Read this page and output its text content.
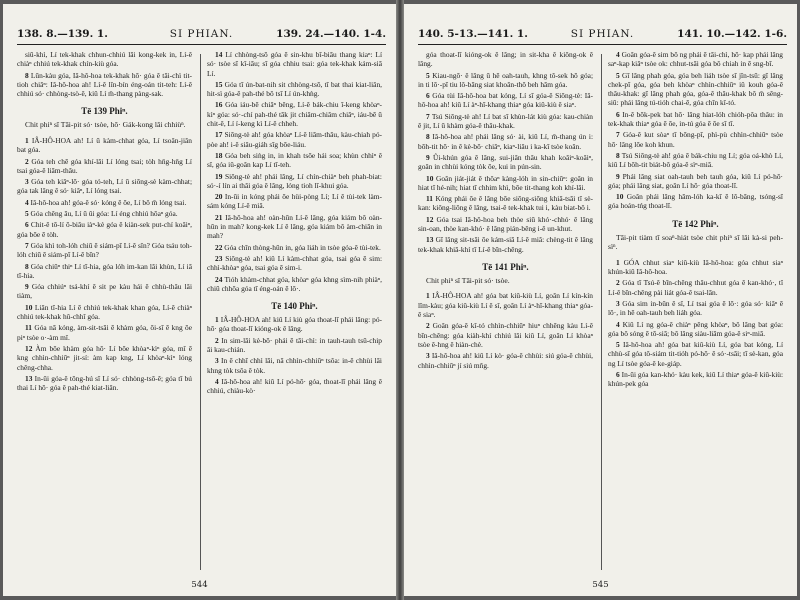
138. 8.—139. 1.	SI PHIAN.	139. 24.—140. 1-4.

siū-khì, Lí tek-khak chhun-chhiú lāi kong-kek in, Lí-ê chiàⁿ chhiú tek-khak chín-kiù góa.

8 Lūn-kàu góa, Iâ-hô-hoa tek-khak hō· góa ê tāi-chì tit-tioh chiâⁿ: Iâ-hô-hoa ah! Lí-ê lîn-bín éng-oán tit-teh: Lí-ê chhiú só· chhòng-tsò-ê, kiû Lí m̄-thang pàng-sak.

Tē 139 Phiⁿ.
Chit phiⁿ sī Tāi-pit só· tsòe, hō· Gák-kong lâi chhiùⁿ.

1 IÂ-HÔ-HOA ah! Lí ū kàm-chhat góa, Lí tsoân-jiân bat góa.

2 Góa teh chē góa khí-lâi Lí lóng tsai; tòh hn̄g-hn̄g Lí tsai góa-ê liām-thâu.

3 Góa teh kiâⁿ-lō· góa tó-teh, Lí ū siōng-sè kàm-chhat; góa tak lâng ê só· kiâⁿ, Lí lóng tsai.

4 Iâ-hô-hoa ah! góa-ê só· kóng ê ōe, Lí bô m̄ lóng tsai.

5 Góa chêng āu, Lí ū ûi góa: Lí éng chhiú hōaⁿ góa.

6 Chit-ê tō-lí ō-biâu iàⁿ-kè góa ê kiàn-sek put-chí koâiⁿ, góa bōe ē tòh.

7 Góa khì toh-lóh chiū ē siám-pī Lí-ê sîn? Góa tsáu toh-lóh chiū ē siám-pī Lí-ê bīn?

8 Góa chiūⁿ thiⁿ Lí tī-hia, góa lóh im-kan lâi khùn, Lí iā tī-hia.

9 Góa chhiúⁿ tsá-khí ê sit pe kàu hái ê chhù-thâu lâi tiàm,

10 Liān tī-hia Lí ē chhiú tek-khak khan góa, Lí-ê chiàⁿ chhiú tek-khak hû-chhî góa.

11 Góa nā kóng, àm-sit-tsāi ē khàm góa, ōi-sī ē kng ōe piⁿ tsòe o·-àm mî.

12 Àm bōe khàm góa hō· Lí bōe khòaⁿ-kìⁿ góa, mî ē kng chhìn-chhiūⁿ jit-sí: àm kap kng, Lí khòaⁿ-kìⁿ lóng chêng-chha.

13 In-ūi góa-ê tōng-hú sī Lí só· chhòng-tsō-ê; góa tī bú thai Lí hō· góa ê pah-thé kiat-liân.

14 Lí chhòng-tsō góa ē sin-khu bī-biāu thang kiaⁿ: Lí só· tsòe sī kî-iāu; sī góa chhiu tsai: góa tek-khak kám-siā Lí.

15 Góa tī ún-bat-nih sit chhòng-tsō, tī bat thai kiat-liân, hit-sì góa-ê pah-thé bô tsī Lí ún-khǹg.

16 Góa iáu-bē chiâⁿ bêng, Lí-ê bák-chiu ī-keng khòaⁿ-kìⁿ góa: só·-chí pah-thé tāk jit chiâm-chiâm chiâⁿ, iáu-bē ū chit-ê, Lí í-keng kì Lí-ê chheh.

17 Siōng-tè ah! góa khòaⁿ Lí-ê liām-thâu, kàu-chiah pó-pòe ah! i-ê siâu-giáh sīg bōe-liáu.

18 Góa beh siǹg in, in khah tsōe hái soa; khùn chhìⁿ ê sî, góa iû-goân kap Lí tī-teh.

19 Siōng-tè ah! phái lâng, Lí chín-chiàⁿ beh phah-biat: só·-í lín ai thâi góa ê lâng, lóng tioh lī-khui góa.

20 In-ūi in kóng phái ōe hüi-pòng Lí; Lí ê tùi-tek làm-sám kóng Lí-ê miâ.

21 Iâ-hô-hoa ah! oàn-hūn Lí-ê lâng, góa kiám bô oàn-hūn in mah? kong-kek Lí ê lâng, góa kiám bô àm-chiān in mah?

22 Góa chīn thòng-hūn in, góa liáh in tsòe góa-ê tùi-tek.

23 Siōng-tè ah! kiû Lí kàm-chhat góa, tsai góa ē sim: chhì-khòaⁿ góa, tsai góa ē sim-i.

24 Tióh khàm-chhat góa, khòaⁿ góa khng sìm-nih phiàⁿ, chiū chhōa góa tī éng-oán ē lō·.

Tē 140 Phiⁿ.

1 IÂ-HÔ-HOA ah! kiû Lí kiù góa thoat-lī phái lâng: pó-hō· góa thoat-lī kióng-ok ê lâng.

2 In sim-lāi kè-bō· phái ē tāi-chì: in tauh-tauh tsū-chip āi kau-chián.

3 In ē chhī chhì lāi, nā chhìn-chhiūⁿ tsôa: in-ê chhùi lāi khng tòk tsôa ê tòk.

4 Iâ-hô-hoa ah! kiû Lí pó-hō· góa, thoat-lī phái lâng ê chhiú, chiàu-kò·

544
140. 5-13.—141. 1.	SI PHIAN.	141. 10.—142. 1-6.

góa thoat-lī kióng-ok ê lâng; in sit-kha ê kiông-ok ê lâng.

5 Kiau-ngō· ê lâng ū hē oah-tauh, khng tô-sek hō góa; in ti lō·-pī tiu lô-bāng siat khoân-thô beh hām góa.

6 Góa tùi Iâ-hô-hoa bat kóng, Lí sī góa-ê Siōng-tè: Iâ-hô-hoa ah! kiû Lí àⁿ-hī-khang thiaⁿ góa kiû-kiù ê siaⁿ.

7 Tsú Siōng-tè ah! Lí bat sī khùn-lát kiù góa: kau-chiàn ê jit, Lí ū khàm góa-ê thâu-khak.

8 Iâ-hô-hoa ah! phái lâng só· ài, kiû Lí, m̄-thang ún i: bōh-tit hō· in ê kè-bō· chiâⁿ, kiaⁿ-liâu i ka-kī tsòe koân.

9 Ûi-khún góa ê lâng, sui-jiân thâu khah koâiⁿ-koâiⁿ, goân in chhùi kóng tòk ōe, kui in pún-sin.

10 Goân jiát-jiát ê thôaⁿ kàng-lóh in sin-chiūⁿ: goân in hiat tī hé-nih; hiat tī chhim khì, bōe tit-thang koh khí-lâi.

11 Kóng phái ōe ê lâng bōe siōng-siōng khiā-tsāi tī sè-kan: kiông-liông ê lâng, tsai-ê tek-khak tui i, kàu biat-bô i.

12 Góa tsai Iâ-hô-hoa beh thòe siū khó·-chhó· ê lâng sin-oan, thòe kan-khó· ê lâng pián-bêng i-ê un-khut.

13 Gī lâng sit-tsāi ōe kám-siā Lí-ê miâ: chèng-tit ê lâng tek-khak khiā-khí tī Lí-ê bīn-chêng.

Tē 141 Phiⁿ.
Chit phiⁿ sī Tāi-pit só· tsòe.

1 IÂ-HÔ-HOA ah! góa bat kiû-kiù Lí, goân Lí kín-kín lîm-kàu; góa kiû-kiù Lí ê sî, goân Lí àⁿ-hī-khang thiaⁿ góa-ê siaⁿ.

2 Goân góa-ê kî-tó chhìn-chhiūⁿ hiuⁿ chhēng kàu Lí-ê bīn-chêng: góa kiàh-khí chhiú lâi kiû Lí, goân Lí khòaⁿ tsòe ê-hng ê hiàn-chè.

3 Iâ-hô-hoa ah! kiû Lí kò· góa-ê chhùi: siú góa-ê chhùi, chhìn-chhiūⁿ jí siú mn̂g.

4 Goân góa-ê sim bô ng phái ē tāi-chì, hō· kap phái lâng saⁿ-kap kiâⁿ tsòe ok: chhut-tsāi góa bô chiah in ē sng-bī.

5 Gī lâng phah góa, góa beh liáh tsòe sī jîn-tsū: gī lâng chek-pī góa, góa beh khòaⁿ chhìn-chhiūⁿ iû kouh góa-ê thâu-khak: gī lâng phah góa, góa-ê thâu-khak bô m̄ sêng-siū: phái lâng tú-tióh chai-ē, góa chīn kî-tó.

6 In-ê bōk-pek bat hō· lâng hiat-lóh chióh-pôa thâu: in tek-khak thiaⁿ góa ē ōe, in-tú góa ē ōe sī tī.

7 Góa-ê kut sòaⁿ tī bōng-pī, phì-pù chhìn-chhiūⁿ tsòe hō· lâng lōe koh khun.

8 Tsú Siōng-tè ah! góa ē bák-chiu ng Lí; góa oá-khò Lí, kiû Lí bōh-tit biát-bô góa-ê sìⁿ-miā.

9 Phái lâng siat oah-tauh beh tauh góa, kiû Lí pó-hō· góa; phái lâng siat, goân Lí hō· góa thoat-lī.

10 Goân phái lâng hām-lóh ka-kī ē lô-bāng, tsóng-sī góa hoán-tńg thoat-lī.

Tē 142 Phiⁿ.
Tāi-pit tiàm tī soaⁿ-hiát tsòe chit phiⁿ sī lâi kà-si peh-sìⁿ.

1 GÓA chhut siaⁿ kiû-kiù Iâ-hô-hoa: góa chhut siaⁿ khún-kiû Iâ-hô-hoa.

2 Góa tī Tsú-ê bīn-chêng thâu-chhut góa ê kan-khó·, tī Lí-ê bīn-chêng pài liát góa-ê tsai-lān.

3 Góa sim in-būn ê sî, Lí tsai góa ē lō·: góa só· kiâⁿ ē lō·, in hē oah-tauh beh liáh góa.

4 Kiû Lí ng góa-ê chiàⁿ pêng khòaⁿ, bô lâng bat góa: góa bô sóng ē tō-siā; bô lâng siàu-liām góa-ê siⁿ-miā.

5 Iâ-hô-hoa ah! góa bat kiû-kiù Lí, góa bat kóng, Lí chhù-sī góa tô-siám tit-tióh pó-hō· ê só·-tsāi; tī sè-kan, góa ng Lí tsòe góa-ê ke-giáp.

6 In-ūi góa kan-khó· kàu kek, kiû Lí thiaⁿ góa-ê kiû-kiù: khún-pek góa

545
